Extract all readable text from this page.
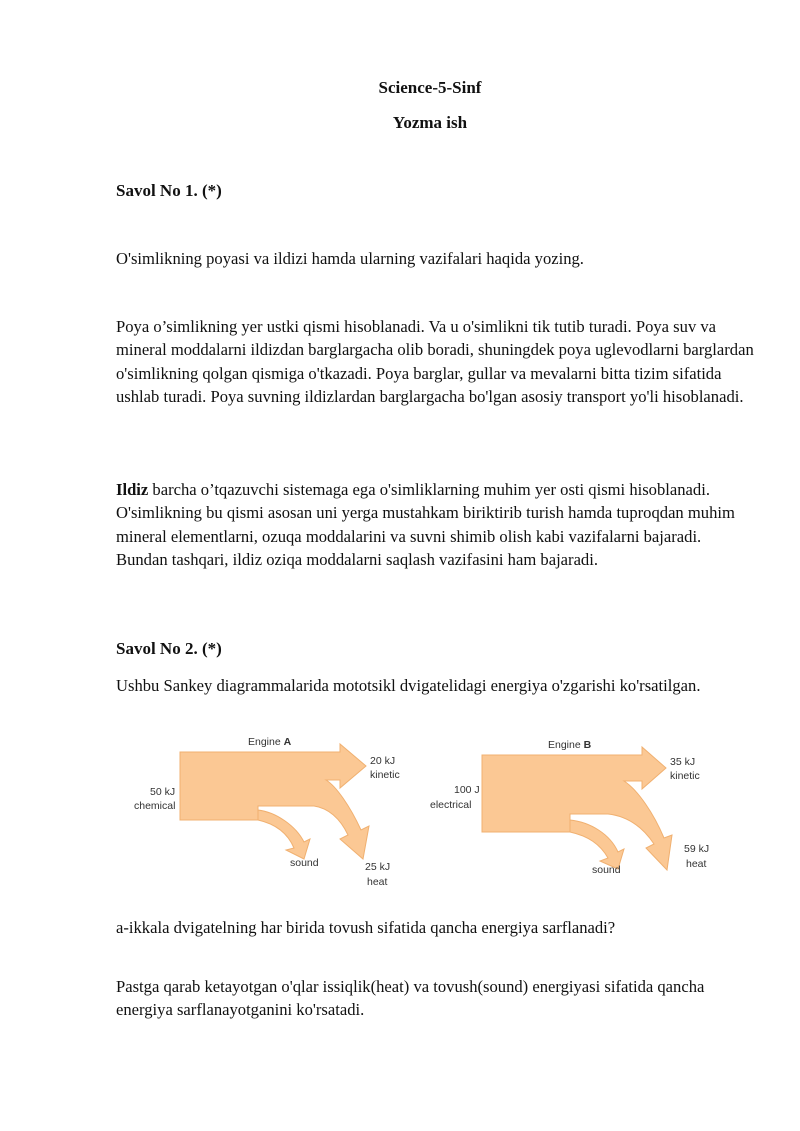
Science-5-Sinf

Yozma ish

Savol No 1. (*)

O'simlikning poyasi va ildizi hamda ularning vazifalari haqida yozing.

Poya o’simlikning yer ustki qismi hisoblanadi. Va u o'simlikni tik tutib turadi. Poya suv va mineral moddalarni ildizdan barglargacha olib boradi, shuningdek poya uglevodlarni barglardan o'simlikning qolgan qismiga o'tkazadi. Poya barglar, gullar va mevalarni bitta tizim sifatida ushlab turadi. Poya suvning ildizlardan barglargacha bo'lgan asosiy transport yo'li hisoblanadi.

Ildiz barcha o’tqazuvchi sistemaga ega o'simliklarning muhim yer osti qismi hisoblanadi. O'simlikning bu qismi asosan uni yerga mustahkam biriktirib turish hamda tuproqdan muhim mineral elementlarni, ozuqa moddalarini va suvni shimib olish kabi vazifalarni bajaradi. Bundan tashqari, ildiz oziqa moddalarni saqlash vazifasini ham bajaradi.

Savol No 2. (*)

Ushbu Sankey diagrammalarida mototsikl dvigatelidagi energiya o'zgarishi ko'rsatilgan.

Engine A
50 kJ
chemical
20 kJ
kinetic
25 kJ
heat
sound
Engine B
100 J
electrical
35 kJ
kinetic
59 kJ
heat
sound

a-ikkala dvigatelning har birida tovush sifatida qancha energiya sarflanadi?

Pastga qarab ketayotgan o'qlar issiqlik(heat) va tovush(sound) energiyasi sifatida qancha energiya sarflanayotganini ko'rsatadi.
